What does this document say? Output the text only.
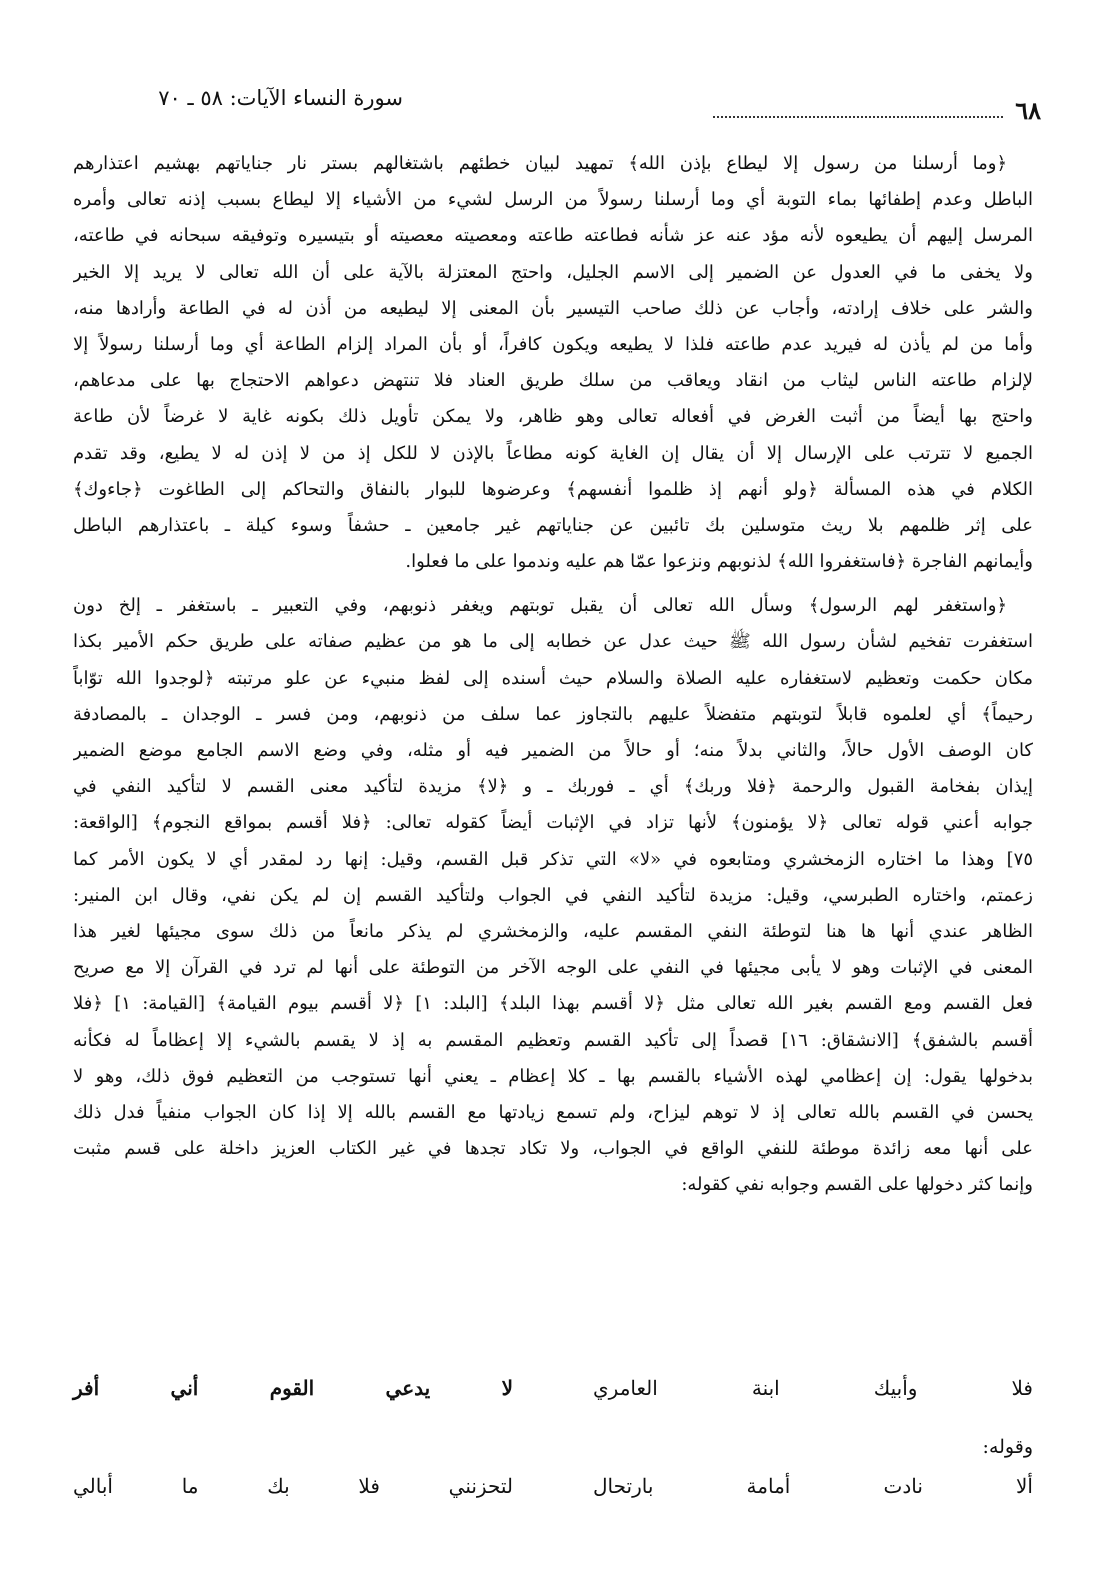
سورة النساء الآيات: ٥٨ ـ ٧٠	٦٨
﴿وما أرسلنا من رسول إلا ليطاع بإذن الله﴾ تمهيد لبيان خطئهم باشتغالهم بستر نار جناياتهم بهشيم اعتذارهم
الباطل وعدم إطفائها بماء التوبة أي وما أرسلنا رسولاً من الرسل لشيء من الأشياء إلا ليطاع بسبب إذنه تعالى وأمره
المرسل إليهم أن يطيعوه لأنه مؤد عنه عز شأنه فطاعته طاعته ومعصيته معصيته أو بتيسيره وتوفيقه سبحانه في طاعته،
ولا يخفى ما في العدول عن الضمير إلى الاسم الجليل، واحتج المعتزلة بالآية على أن الله تعالى لا يريد إلا الخير
والشر على خلاف إرادته، وأجاب عن ذلك صاحب التيسير بأن المعنى إلا ليطيعه من أذن له في الطاعة وأرادها منه،
وأما من لم يأذن له فيريد عدم طاعته فلذا لا يطيعه ويكون كافراً، أو بأن المراد إلزام الطاعة أي وما أرسلنا رسولاً إلا
لإلزام طاعته الناس ليثاب من انقاد ويعاقب من سلك طريق العناد فلا تنتهض دعواهم الاحتجاج بها على مدعاهم،
واحتج بها أيضاً من أثبت الغرض في أفعاله تعالى وهو ظاهر، ولا يمكن تأويل ذلك بكونه غاية لا غرضاً لأن طاعة
الجميع لا تترتب على الإرسال إلا أن يقال إن الغاية كونه مطاعاً بالإذن لا للكل إذ من لا إذن له لا يطيع، وقد تقدم
الكلام في هذه المسألة ﴿ولو أنهم إذ ظلموا أنفسهم﴾ وعرضوها للبوار بالنفاق والتحاكم إلى الطاغوت ﴿جاءوك﴾
على إثر ظلمهم بلا ريث متوسلين بك تائبين عن جناياتهم غير جامعين ـ حشفاً وسوء كيلة ـ باعتذارهم الباطل
وأيمانهم الفاجرة ﴿فاستغفروا الله﴾ لذنوبهم ونزعوا عمّا هم عليه وندموا على ما فعلوا.
﴿واستغفر لهم الرسول﴾ وسأل الله تعالى أن يقبل توبتهم ويغفر ذنوبهم، وفي التعبير ـ باستغفر ـ إلخ دون
استغفرت تفخيم لشأن رسول الله ﷺ حيث عدل عن خطابه إلى ما هو من عظيم صفاته على طريق حكم الأمير بكذا
مكان حكمت وتعظيم لاستغفاره عليه الصلاة والسلام حيث أسنده إلى لفظ منبيء عن علو مرتبته ﴿لوجدوا الله توّاباً
رحيماً﴾ أي لعلموه قابلاً لتوبتهم متفضلاً عليهم بالتجاوز عما سلف من ذنوبهم، ومن فسر ـ الوجدان ـ بالمصادفة
كان الوصف الأول حالاً، والثاني بدلاً منه؛ أو حالاً من الضمير فيه أو مثله، وفي وضع الاسم الجامع موضع الضمير
إيذان بفخامة القبول والرحمة ﴿فلا وربك﴾ أي ـ فوربك ـ و ﴿لا﴾ مزيدة لتأكيد معنى القسم لا لتأكيد النفي في
جوابه أعني قوله تعالى ﴿لا يؤمنون﴾ لأنها تزاد في الإثبات أيضاً كقوله تعالى: ﴿فلا أقسم بمواقع النجوم﴾ [الواقعة:
٧٥] وهذا ما اختاره الزمخشري ومتابعوه في «لا» التي تذكر قبل القسم، وقيل: إنها رد لمقدر أي لا يكون الأمر كما
زعمتم، واختاره الطبرسي، وقيل: مزيدة لتأكيد النفي في الجواب ولتأكيد القسم إن لم يكن نفي، وقال ابن المنير:
الظاهر عندي أنها ها هنا لتوطئة النفي المقسم عليه، والزمخشري لم يذكر مانعاً من ذلك سوى مجيئها لغير هذا
المعنى في الإثبات وهو لا يأبى مجيئها في النفي على الوجه الآخر من التوطئة على أنها لم ترد في القرآن إلا مع صريح
فعل القسم ومع القسم بغير الله تعالى مثل ﴿لا أقسم بهذا البلد﴾ [البلد: ١] ﴿لا أقسم بيوم القيامة﴾ [القيامة: ١] ﴿فلا
أقسم بالشفق﴾ [الانشقاق: ١٦] قصداً إلى تأكيد القسم وتعظيم المقسم به إذ لا يقسم بالشيء إلا إعظاماً له فكأنه
بدخولها يقول: إن إعظامي لهذه الأشياء بالقسم بها ـ كلا إعظام ـ يعني أنها تستوجب من التعظيم فوق ذلك، وهو لا
يحسن في القسم بالله تعالى إذ لا توهم ليزاح، ولم تسمع زيادتها مع القسم بالله إلا إذا كان الجواب منفياً فدل ذلك
على أنها معه زائدة موطئة للنفي الواقع في الجواب، ولا تكاد تجدها في غير الكتاب العزيز داخلة على قسم مثبت
وإنما كثر دخولها على القسم وجوابه نفي كقوله:
فلا وأبيك ابنة العامري
لا يدعي القوم أني أفر
وقوله:
ألا نادت أمامة بارتحال
لتحزنني فلا بك ما أبالي
